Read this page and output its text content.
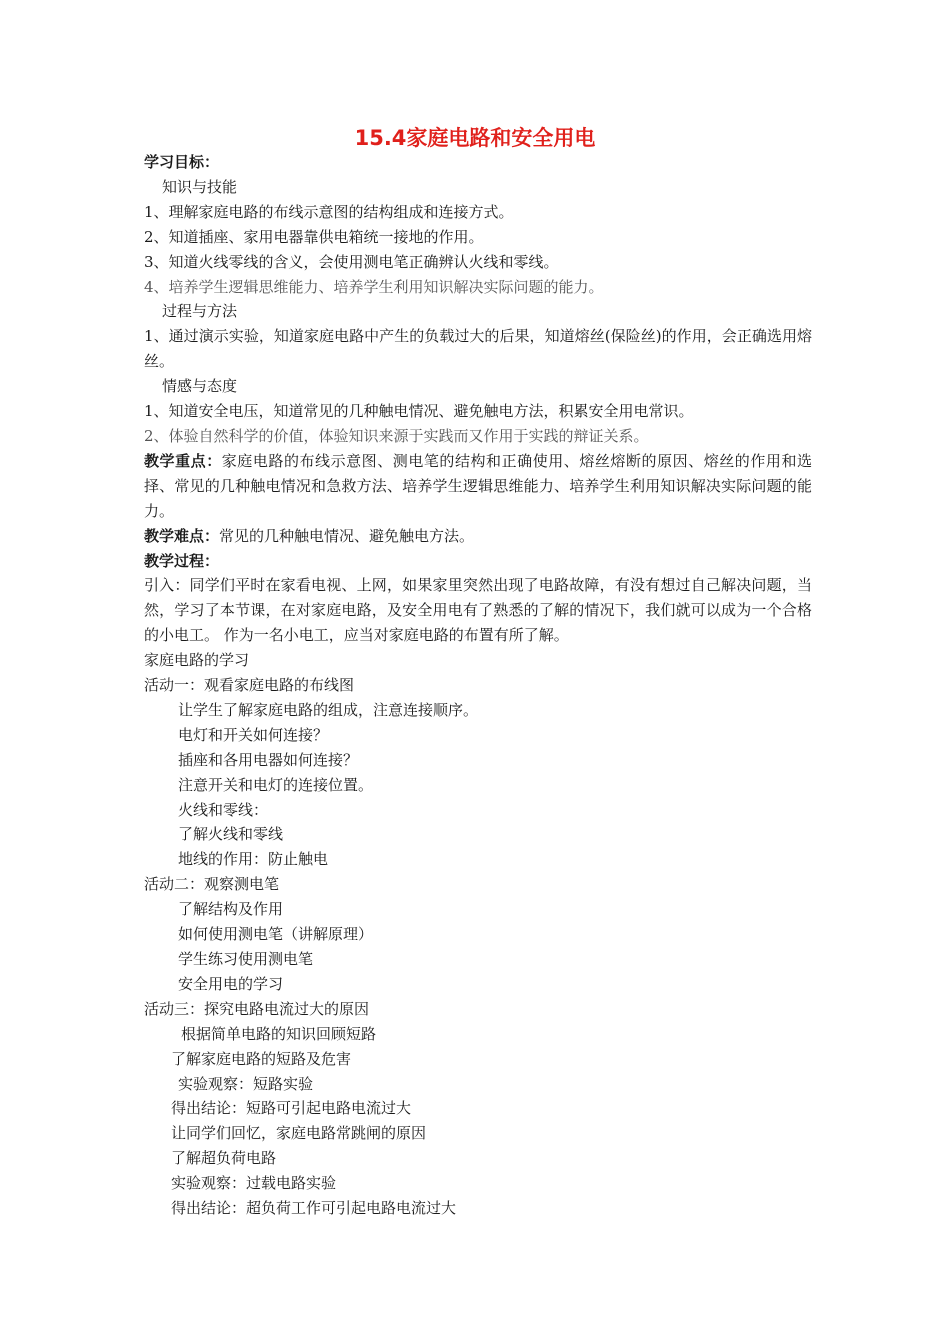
15.4家庭电路和安全用电

学习目标：

知识与技能

1、理解家庭电路的布线示意图的结构组成和连接方式。

2、知道插座、家用电器靠供电箱统一接地的作用。

3、知道火线零线的含义，会使用测电笔正确辨认火线和零线。

4、培养学生逻辑思维能力、培养学生利用知识解决实际问题的能力。

过程与方法

1、通过演示实验，知道家庭电路中产生的负载过大的后果，知道熔丝(保险丝)的作用，会正确选用熔丝。

情感与态度

1、知道安全电压，知道常见的几种触电情况、避免触电方法，积累安全用电常识。

2、体验自然科学的价值，体验知识来源于实践而又作用于实践的辩证关系。

教学重点：家庭电路的布线示意图、测电笔的结构和正确使用、熔丝熔断的原因、熔丝的作用和选择、常见的几种触电情况和急救方法、培养学生逻辑思维能力、培养学生利用知识解决实际问题的能力。

教学难点：常见的几种触电情况、避免触电方法。

教学过程：

引入：同学们平时在家看电视、上网，如果家里突然出现了电路故障，有没有想过自己解决问题，当然，学习了本节课，在对家庭电路，及安全用电有了熟悉的了解的情况下，我们就可以成为一个合格的小电工。 作为一名小电工，应当对家庭电路的布置有所了解。

家庭电路的学习

活动一：观看家庭电路的布线图

让学生了解家庭电路的组成，注意连接顺序。

电灯和开关如何连接？

插座和各用电器如何连接？

注意开关和电灯的连接位置。

火线和零线：

了解火线和零线

地线的作用：防止触电

活动二：观察测电笔

了解结构及作用

如何使用测电笔（讲解原理）

学生练习使用测电笔

安全用电的学习

活动三：探究电路电流过大的原因

根据简单电路的知识回顾短路

了解家庭电路的短路及危害

实验观察：短路实验

得出结论：短路可引起电路电流过大

让同学们回忆，家庭电路常跳闸的原因

了解超负荷电路

实验观察：过载电路实验

得出结论：超负荷工作可引起电路电流过大
